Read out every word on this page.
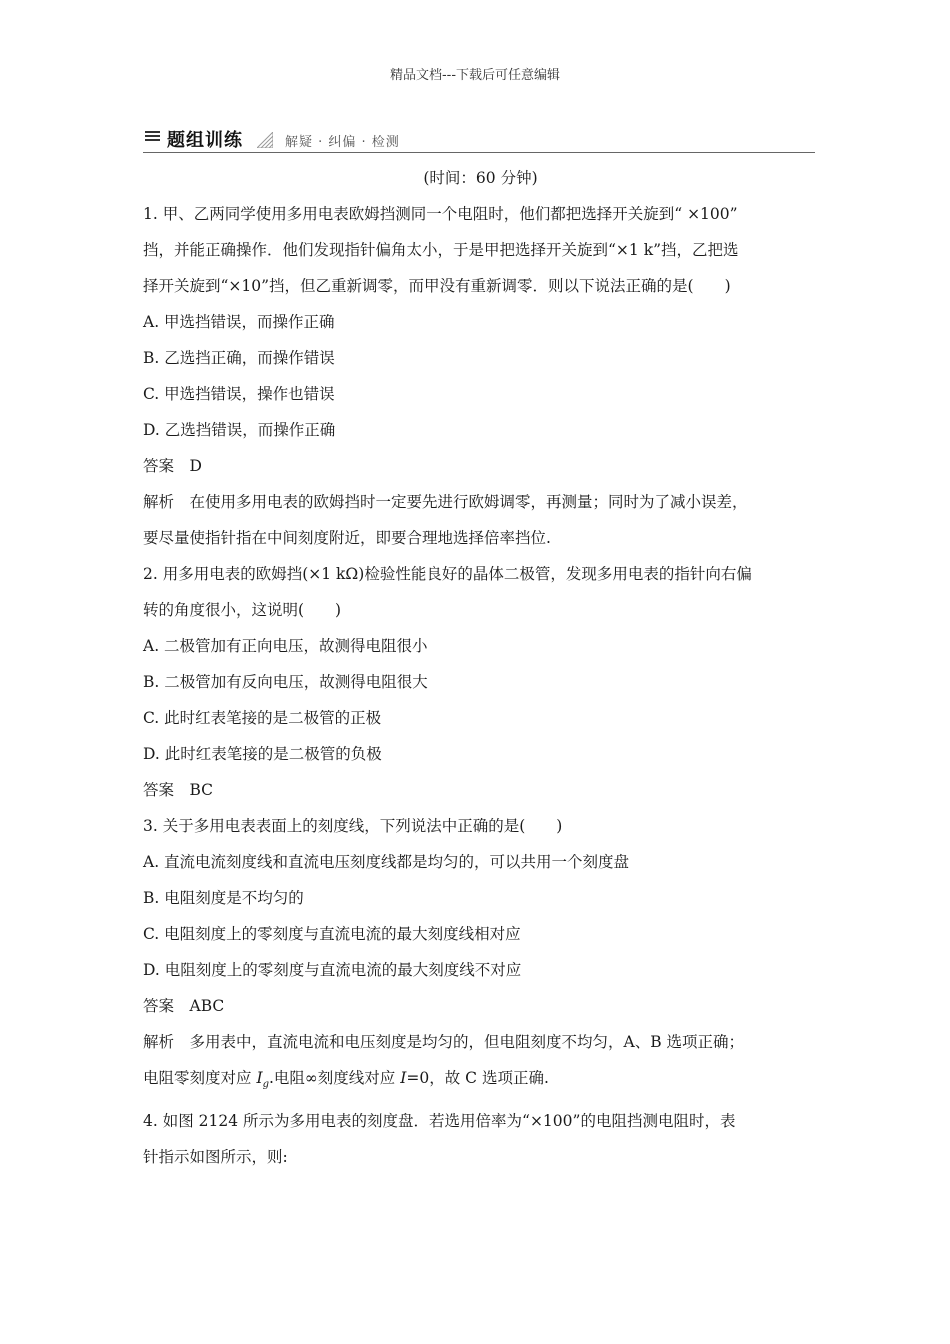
精品文档---下载后可任意编辑
题组训练	解疑 · 纠偏 · 检测

(时间：60 分钟)

1. 甲、乙两同学使用多用电表欧姆挡测同一个电阻时，他们都把选择开关旋到“ ×100”

挡，并能正确操作．他们发现指针偏角太小，于是甲把选择开关旋到“×1 k”挡，乙把选

择开关旋到“×10”挡，但乙重新调零，而甲没有重新调零．则以下说法正确的是(　　)

A. 甲选挡错误，而操作正确

B. 乙选挡正确，而操作错误

C. 甲选挡错误，操作也错误

D. 乙选挡错误，而操作正确

答案　D

解析　在使用多用电表的欧姆挡时一定要先进行欧姆调零，再测量；同时为了减小误差，

要尽量使指针指在中间刻度附近，即要合理地选择倍率挡位.

2. 用多用电表的欧姆挡(×1 kΩ)检验性能良好的晶体二极管，发现多用电表的指针向右偏

转的角度很小，这说明(　　)

A. 二极管加有正向电压，故测得电阻很小

B. 二极管加有反向电压，故测得电阻很大

C. 此时红表笔接的是二极管的正极

D. 此时红表笔接的是二极管的负极

答案　BC

3. 关于多用电表表面上的刻度线，下列说法中正确的是(　　)

A. 直流电流刻度线和直流电压刻度线都是均匀的，可以共用一个刻度盘

B. 电阻刻度是不均匀的

C. 电阻刻度上的零刻度与直流电流的最大刻度线相对应

D. 电阻刻度上的零刻度与直流电流的最大刻度线不对应

答案　ABC

解析　多用表中，直流电流和电压刻度是均匀的，但电阻刻度不均匀，A、B 选项正确；

电阻零刻度对应 $I_g$.电阻∞刻度线对应 I=0，故 C 选项正确.

4. 如图 2124 所示为多用电表的刻度盘．若选用倍率为“×100”的电阻挡测电阻时，表

针指示如图所示，则:
